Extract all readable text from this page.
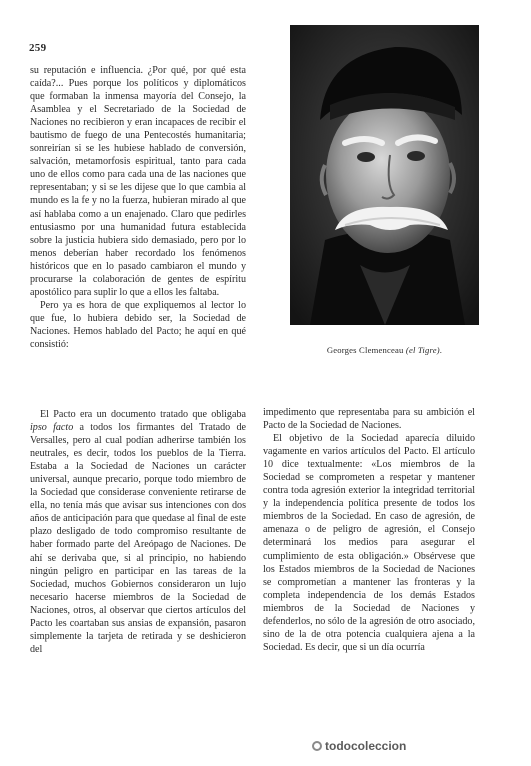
259

su reputación e influencia. ¿Por qué, por qué esta caída?... Pues porque los políticos y diplomáticos que formaban la inmensa mayoría del Consejo, la Asamblea y el Secretariado de la Sociedad de Naciones no recibieron y eran incapaces de recibir el bautismo de fuego de una Pentecostés humanitaria; sonreirían si se les hubiese hablado de conversión, salvación, metamorfosis espiritual, tanto para cada uno de ellos como para cada una de las naciones que representaban; y si se les dijese que lo que cambia al mundo es la fe y no la fuerza, hubieran mirado al que así hablaba como a un enajenado. Claro que pedirles entusiasmo por una humanidad futura establecida sobre la justicia hubiera sido demasiado, pero por lo menos deberían haber recordado los fenómenos históricos que en lo pasado cambiaron el mundo y procurarse la colaboración de gentes de espíritu apostólico para suplir lo que a ellos les faltaba.

Pero ya es hora de que expliquemos al lector lo que fue, lo hubiera debido ser, la Sociedad de Naciones. Hemos hablado del Pacto; he aquí en qué consistió:

El Pacto era un documento tratado que obligaba ipso facto a todos los firmantes del Tratado de Versalles, pero al cual podían adherirse también los neutrales, es decir, todos los pueblos de la Tierra. Estaba a la Sociedad de Naciones un carácter universal, aunque precario, porque todo miembro de la Sociedad que considerase conveniente retirarse de ella, no tenía más que avisar sus intenciones con dos años de anticipación para que quedase al final de este plazo desligado de todo compromiso resultante de haber formado parte del Areópago de Naciones. De ahí se derivaba que, si al principio, no habiendo ningún peligro en participar en las tareas de la Sociedad, muchos Gobiernos consideraron un lujo necesario hacerse miembros de la Sociedad de Naciones, otros, al observar que ciertos artículos del Pacto les coartaban sus ansias de expansión, pasaron simplemente la tarjeta de retirada y se deshicieron del

impedimento que representaba para su ambición el Pacto de la Sociedad de Naciones.

El objetivo de la Sociedad aparecía diluido vagamente en varios artículos del Pacto. El artículo 10 dice textualmente: «Los miembros de la Sociedad se comprometen a respetar y mantener contra toda agresión exterior la integridad territorial y la independencia política presente de todos los miembros de la Sociedad. En caso de agresión, de amenaza o de peligro de agresión, el Consejo determinará los medios para asegurar el cumplimiento de esta obligación.» Obsérvese que los Estados miembros de la Sociedad de Naciones se comprometían a mantener las fronteras y la completa independencia de los demás Estados miembros de la Sociedad de Naciones y defenderlos, no sólo de la agresión de otro asociado, sino de la de otra potencia cualquiera ajena a la Sociedad. Es decir, que si un día ocurría

Georges Clemenceau (el Tigre).
todocoleccion
